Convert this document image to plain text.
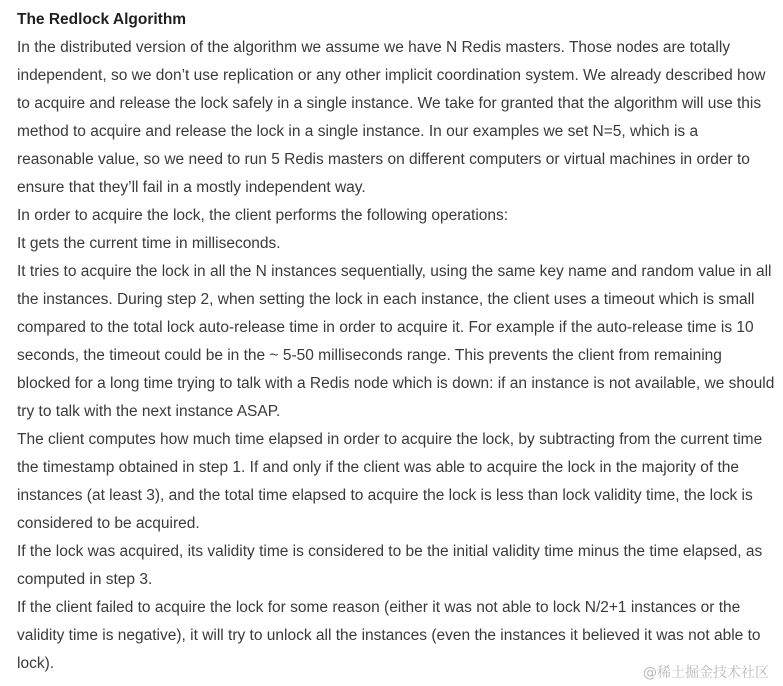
The Redlock Algorithm

In the distributed version of the algorithm we assume we have N Redis masters. Those nodes are totally independent, so we don’t use replication or any other implicit coordination system. We already described how to acquire and release the lock safely in a single instance. We take for granted that the algorithm will use this method to acquire and release the lock in a single instance. In our examples we set N=5, which is a reasonable value, so we need to run 5 Redis masters on different computers or virtual machines in order to ensure that they’ll fail in a mostly independent way.

In order to acquire the lock, the client performs the following operations:

It gets the current time in milliseconds.

It tries to acquire the lock in all the N instances sequentially, using the same key name and random value in all the instances. During step 2, when setting the lock in each instance, the client uses a timeout which is small compared to the total lock auto-release time in order to acquire it. For example if the auto-release time is 10 seconds, the timeout could be in the ~ 5-50 milliseconds range. This prevents the client from remaining blocked for a long time trying to talk with a Redis node which is down: if an instance is not available, we should try to talk with the next instance ASAP.

The client computes how much time elapsed in order to acquire the lock, by subtracting from the current time the timestamp obtained in step 1. If and only if the client was able to acquire the lock in the majority of the instances (at least 3), and the total time elapsed to acquire the lock is less than lock validity time, the lock is considered to be acquired.

If the lock was acquired, its validity time is considered to be the initial validity time minus the time elapsed, as computed in step 3.

If the client failed to acquire the lock for some reason (either it was not able to lock N/2+1 instances or the validity time is negative), it will try to unlock all the instances (even the instances it believed it was not able to lock).

@稀土掘金技术社区
